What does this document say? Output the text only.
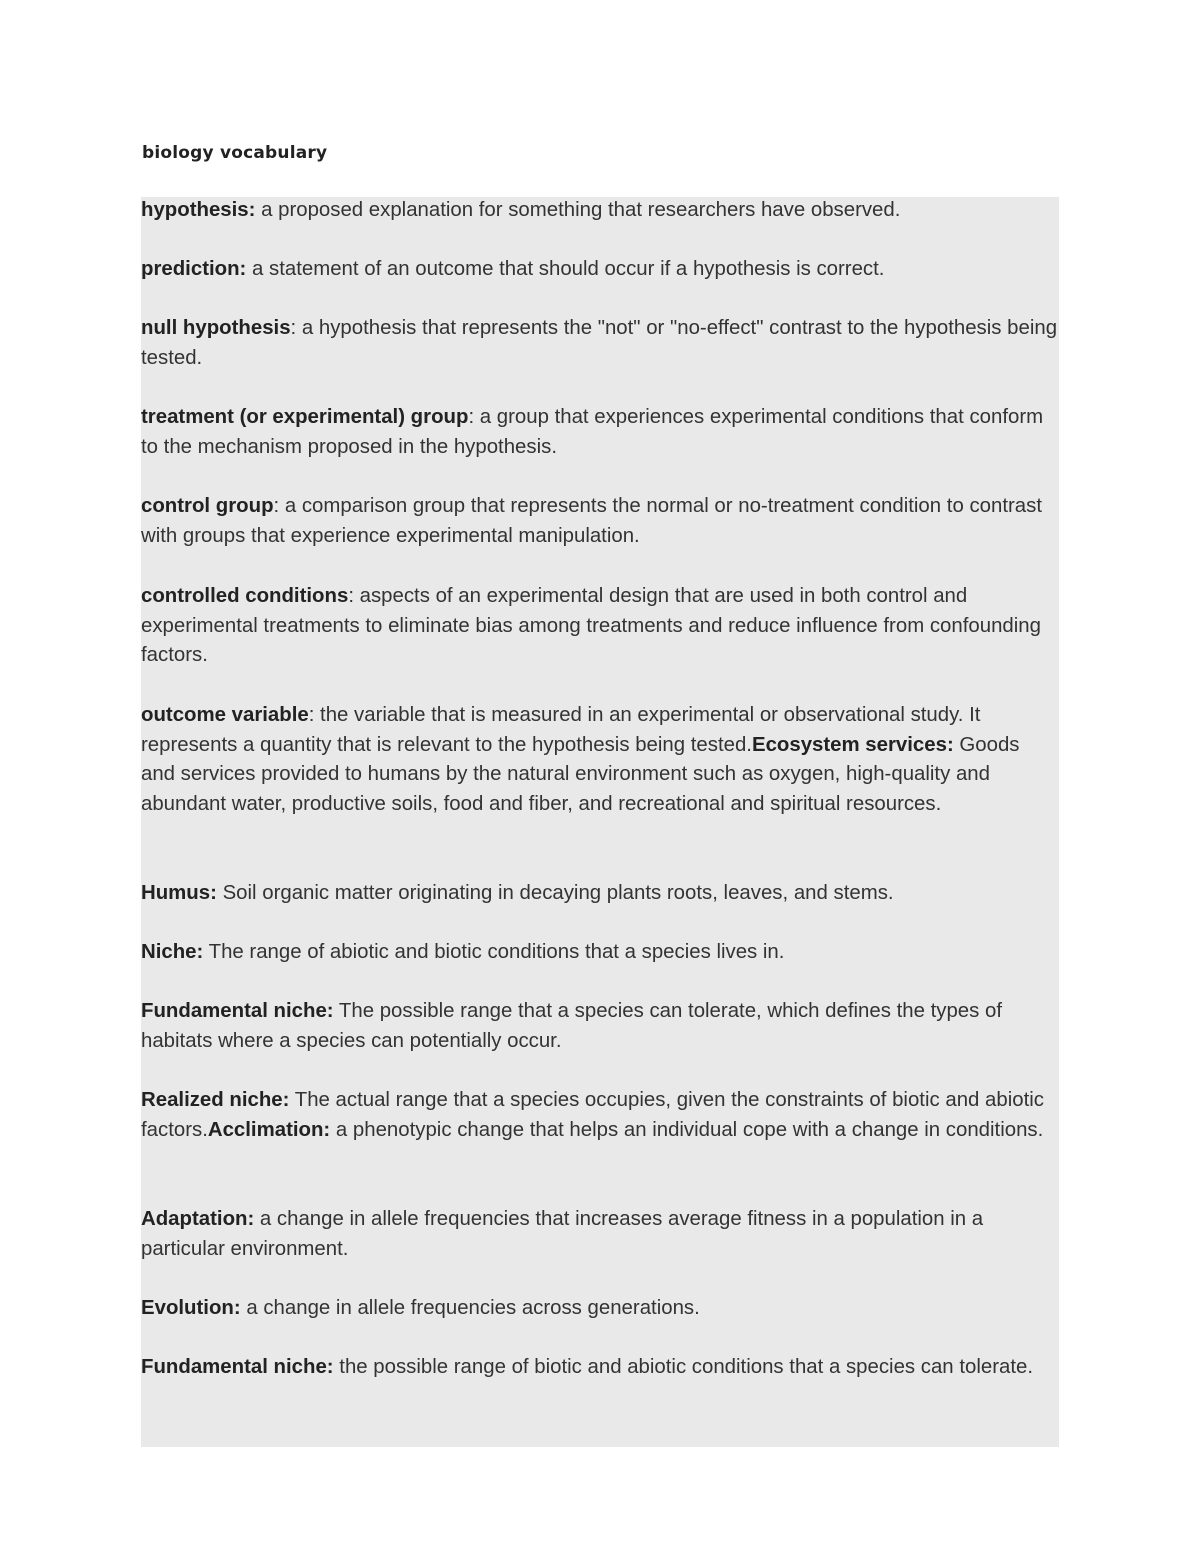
biology vocabulary

hypothesis: a proposed explanation for something that researchers have observed.

prediction: a statement of an outcome that should occur if a hypothesis is correct.

null hypothesis: a hypothesis that represents the "not" or "no-effect" contrast to the hypothesis being tested.

treatment (or experimental) group: a group that experiences experimental conditions that conform to the mechanism proposed in the hypothesis.

control group: a comparison group that represents the normal or no-treatment condition to contrast with groups that experience experimental manipulation.

controlled conditions: aspects of an experimental design that are used in both control and experimental treatments to eliminate bias among treatments and reduce influence from confounding factors.

outcome variable: the variable that is measured in an experimental or observational study. It represents a quantity that is relevant to the hypothesis being tested.Ecosystem services: Goods and services provided to humans by the natural environment such as oxygen, high-quality and abundant water, productive soils, food and fiber, and recreational and spiritual resources.

Humus: Soil organic matter originating in decaying plants roots, leaves, and stems.

Niche: The range of abiotic and biotic conditions that a species lives in.

Fundamental niche: The possible range that a species can tolerate, which defines the types of habitats where a species can potentially occur.

Realized niche: The actual range that a species occupies, given the constraints of biotic and abiotic factors.Acclimation: a phenotypic change that helps an individual cope with a change in conditions.

Adaptation: a change in allele frequencies that increases average fitness in a population in a particular environment.

Evolution: a change in allele frequencies across generations.

Fundamental niche: the possible range of biotic and abiotic conditions that a species can tolerate.
